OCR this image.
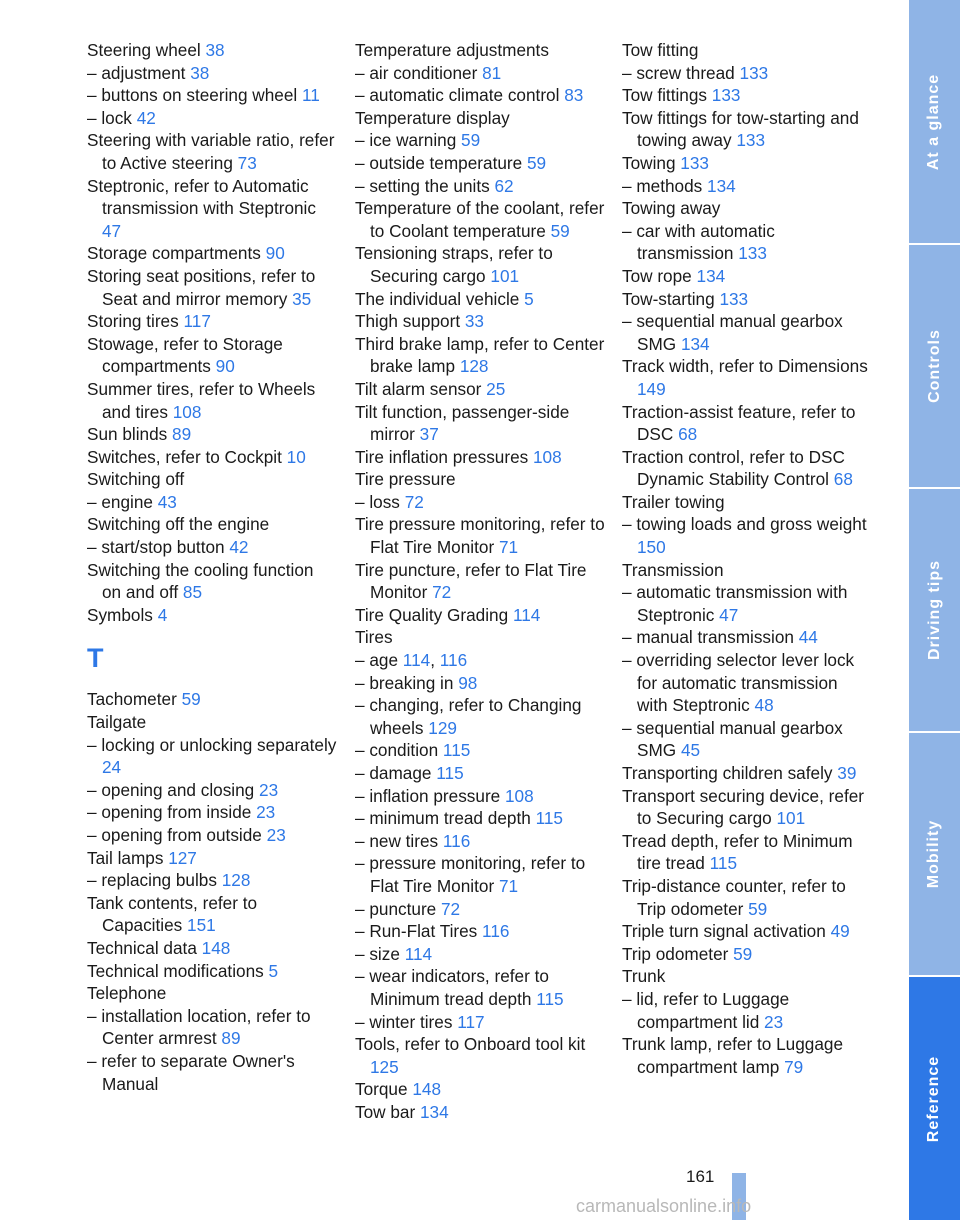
Steering wheel 38
– adjustment 38
– buttons on steering wheel 11
– lock 42
Steering with variable ratio, refer to Active steering 73
Steptronic, refer to Automatic transmission with Steptronic 47
Storage compartments 90
Storing seat positions, refer to Seat and mirror memory 35
Storing tires 117
Stowage, refer to Storage compartments 90
Summer tires, refer to Wheels and tires 108
Sun blinds 89
Switches, refer to Cockpit 10
Switching off
– engine 43
Switching off the engine
– start/stop button 42
Switching the cooling function on and off 85
Symbols 4
T
Tachometer 59
Tailgate
– locking or unlocking separately 24
– opening and closing 23
– opening from inside 23
– opening from outside 23
Tail lamps 127
– replacing bulbs 128
Tank contents, refer to Capacities 151
Technical data 148
Technical modifications 5
Telephone
– installation location, refer to Center armrest 89
– refer to separate Owner's Manual
Temperature adjustments
– air conditioner 81
– automatic climate control 83
Temperature display
– ice warning 59
– outside temperature 59
– setting the units 62
Temperature of the coolant, refer to Coolant temperature 59
Tensioning straps, refer to Securing cargo 101
The individual vehicle 5
Thigh support 33
Third brake lamp, refer to Center brake lamp 128
Tilt alarm sensor 25
Tilt function, passenger-side mirror 37
Tire inflation pressures 108
Tire pressure
– loss 72
Tire pressure monitoring, refer to Flat Tire Monitor 71
Tire puncture, refer to Flat Tire Monitor 72
Tire Quality Grading 114
Tires
– age 114, 116
– breaking in 98
– changing, refer to Changing wheels 129
– condition 115
– damage 115
– inflation pressure 108
– minimum tread depth 115
– new tires 116
– pressure monitoring, refer to Flat Tire Monitor 71
– puncture 72
– Run-Flat Tires 116
– size 114
– wear indicators, refer to Minimum tread depth 115
– winter tires 117
Tools, refer to Onboard tool kit 125
Torque 148
Tow bar 134
Tow fitting
– screw thread 133
Tow fittings 133
Tow fittings for tow-starting and towing away 133
Towing 133
– methods 134
Towing away
– car with automatic transmission 133
Tow rope 134
Tow-starting 133
– sequential manual gearbox SMG 134
Track width, refer to Dimensions 149
Traction-assist feature, refer to DSC 68
Traction control, refer to DSC Dynamic Stability Control 68
Trailer towing
– towing loads and gross weight 150
Transmission
– automatic transmission with Steptronic 47
– manual transmission 44
– overriding selector lever lock for automatic transmission with Steptronic 48
– sequential manual gearbox SMG 45
Transporting children safely 39
Transport securing device, refer to Securing cargo 101
Tread depth, refer to Minimum tire tread 115
Trip-distance counter, refer to Trip odometer 59
Triple turn signal activation 49
Trip odometer 59
Trunk
– lid, refer to Luggage compartment lid 23
Trunk lamp, refer to Luggage compartment lamp 79
At a glance
Controls
Driving tips
Mobility
Reference
161
carmanualsonline.info
